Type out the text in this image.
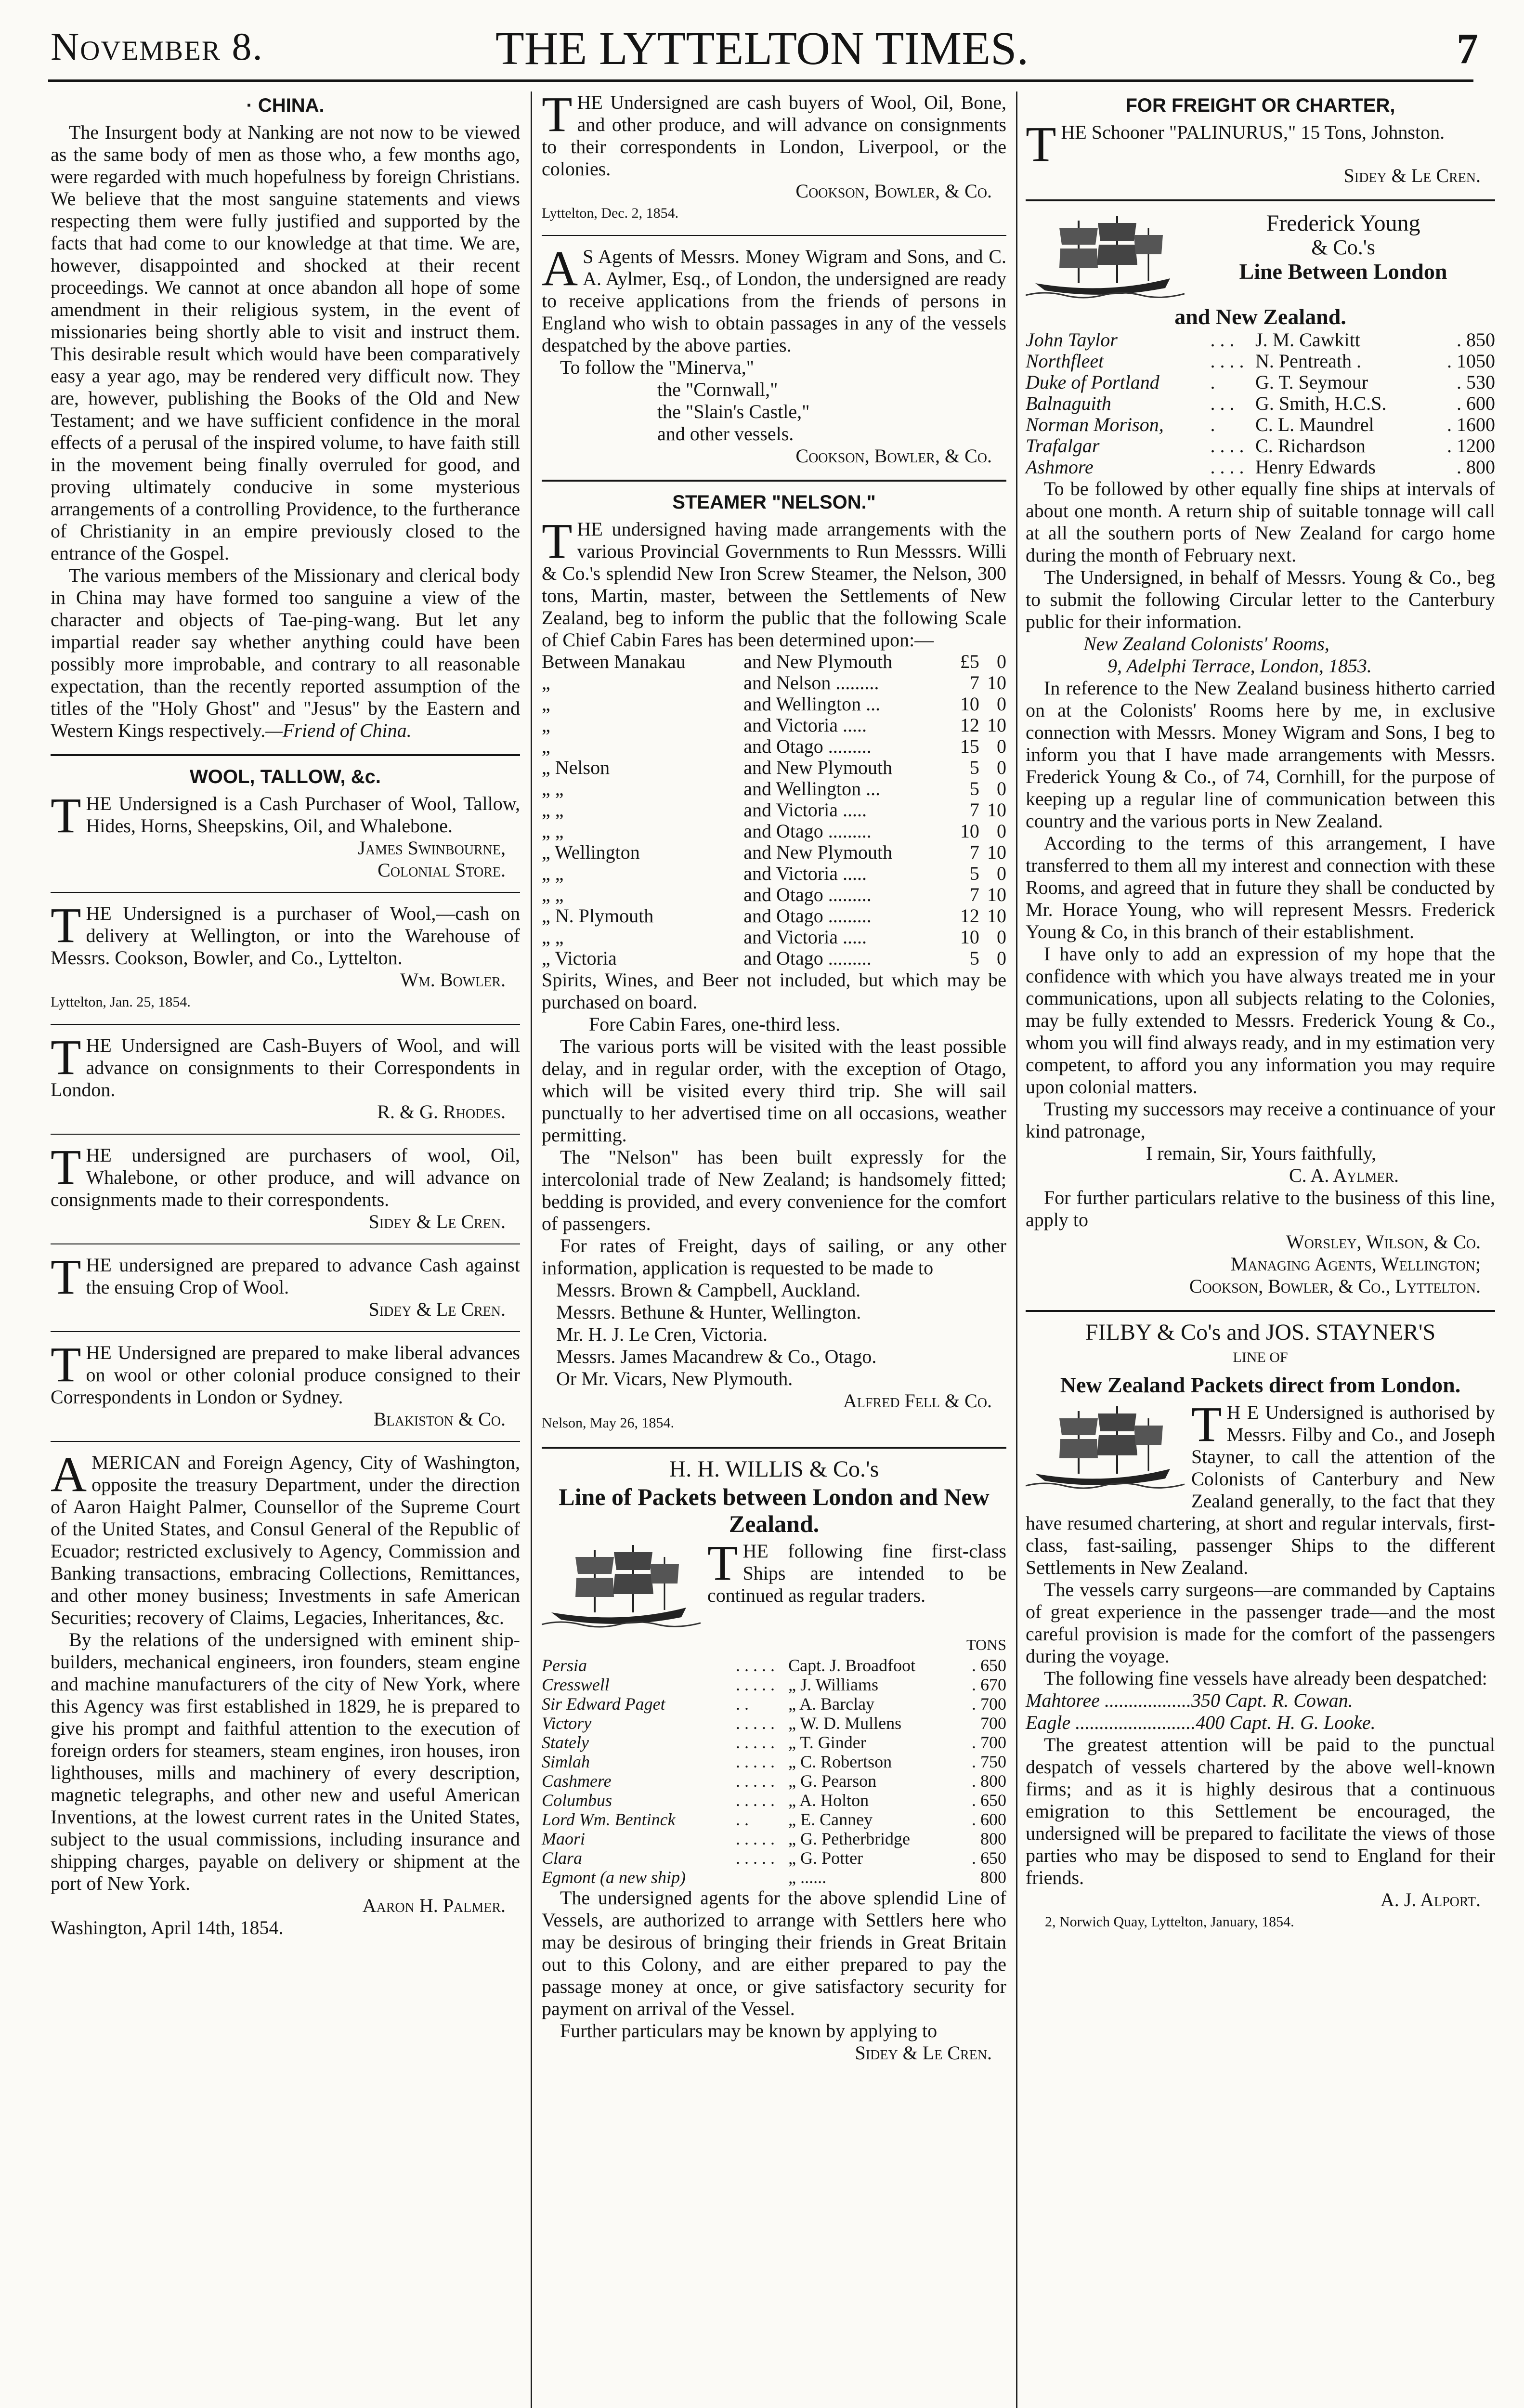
November 8.	THE LYTTELTON TIMES.	7
· CHINA.

The Insurgent body at Nanking are not now to be viewed as the same body of men as those who, a few months ago, were regarded with much hopefulness by foreign Christians. We believe that the most sanguine statements and views respecting them were fully justified and supported by the facts that had come to our knowledge at that time. We are, however, disappointed and shocked at their recent proceedings. We cannot at once abandon all hope of some amendment in their religious system, in the event of missionaries being shortly able to visit and instruct them. This desirable result which would have been comparatively easy a year ago, may be rendered very difficult now. They are, however, publishing the Books of the Old and New Testament; and we have sufficient confidence in the moral effects of a perusal of the inspired volume, to have faith still in the movement being finally overruled for good, and proving ultimately conducive in some mysterious arrangements of a controlling Providence, to the furtherance of Christianity in an empire previously closed to the entrance of the Gospel.

The various members of the Missionary and clerical body in China may have formed too sanguine a view of the character and objects of Tae-ping-wang. But let any impartial reader say whether anything could have been possibly more improbable, and contrary to all reasonable expectation, than the recently reported assumption of the titles of the "Holy Ghost" and "Jesus" by the Eastern and Western Kings respectively.—Friend of China.

WOOL, TALLOW, &c.
T HE Undersigned is a Cash Purchaser of Wool, Tallow, Hides, Horns, Sheepskins, Oil, and Whalebone.

James Swinbourne,

Colonial Store.

T HE Undersigned is a purchaser of Wool,—cash on delivery at Wellington, or into the Warehouse of Messrs. Cookson, Bowler, and Co., Lyttelton.

Wm. Bowler.

Lyttelton, Jan. 25, 1854.

T HE Undersigned are Cash-Buyers of Wool, and will advance on consignments to their Correspondents in London.

R. & G. Rhodes.

T HE undersigned are purchasers of wool, Oil, Whalebone, or other produce, and will advance on consignments made to their correspondents.

Sidey & Le Cren.

T HE undersigned are prepared to advance Cash against the ensuing Crop of Wool.

Sidey & Le Cren.

T HE Undersigned are prepared to make liberal advances on wool or other colonial produce consigned to their Correspondents in London or Sydney.

Blakiston & Co.

A MERICAN and Foreign Agency, City of Washington, opposite the treasury Department, under the direction of Aaron Haight Palmer, Counsellor of the Supreme Court of the United States, and Consul General of the Republic of Ecuador; restricted exclusively to Agency, Commission and Banking transactions, embracing Collections, Remittances, and other money business; Investments in safe American Securities; recovery of Claims, Legacies, Inheritances, &c.

By the relations of the undersigned with eminent ship-builders, mechanical engineers, iron founders, steam engine and machine manufacturers of the city of New York, where this Agency was first established in 1829, he is prepared to give his prompt and faithful attention to the execution of foreign orders for steamers, steam engines, iron houses, iron lighthouses, mills and machinery of every description, magnetic telegraphs, and other new and useful American Inventions, at the lowest current rates in the United States, subject to the usual commissions, including insurance and shipping charges, payable on delivery or shipment at the port of New York.

Aaron H. Palmer.

Washington, April 14th, 1854.

T HE Undersigned are cash buyers of Wool, Oil, Bone, and other produce, and will advance on consignments to their correspondents in London, Liverpool, or the colonies.

Cookson, Bowler, & Co.

Lyttelton, Dec. 2, 1854.

A S Agents of Messrs. Money Wigram and Sons, and C. A. Aylmer, Esq., of London, the undersigned are ready to receive applications from the friends of persons in England who wish to obtain passages in any of the vessels despatched by the above parties.

To follow the "Minerva,"

the "Cornwall,"

the "Slain's Castle,"

and other vessels.

Cookson, Bowler, & Co.

STEAMER "NELSON."
T HE undersigned having made arrangements with the various Provincial Governments to Run Messsrs. Willi & Co.'s splendid New Iron Screw Steamer, the Nelson, 300 tons, Martin, master, between the Settlements of New Zealand, beg to inform the public that the following Scale of Chief Cabin Fares has been determined upon:—

Between Manakau	and New Plymouth	£5	0
„	and Nelson .........	7	10
„	and Wellington ...	10	0
„	and Victoria .....	12	10
„	and Otago .........	15	0
„ Nelson	and New Plymouth	5	0
„ „	and Wellington ...	5	0
„ „	and Victoria .....	7	10
„ „	and Otago .........	10	0
„ Wellington	and New Plymouth	7	10
„ „	and Victoria .....	5	0
„ „	and Otago .........	7	10
„ N. Plymouth	and Otago .........	12	10
„ „	and Victoria .....	10	0
„ Victoria	and Otago .........	5	0

Spirits, Wines, and Beer not included, but which may be purchased on board.

Fore Cabin Fares, one-third less.

The various ports will be visited with the least possible delay, and in regular order, with the exception of Otago, which will be visited every third trip. She will sail punctually to her advertised time on all occasions, weather permitting.

The "Nelson" has been built expressly for the intercolonial trade of New Zealand; is handsomely fitted; bedding is provided, and every convenience for the comfort of passengers.

For rates of Freight, days of sailing, or any other information, application is requested to be made to

Messrs. Brown & Campbell, Auckland.
Messrs. Bethune & Hunter, Wellington.
Mr. H. J. Le Cren, Victoria.
Messrs. James Macandrew & Co., Otago.
Or Mr. Vicars, New Plymouth.

Alfred Fell & Co.

Nelson, May 26, 1854.

H. H. WILLIS & Co.'s
Line of Packets between London and New Zealand.
T HE following fine first-class Ships are intended to be continued as regular traders.

TONS
Persia	. . . . .	Capt. J. Broadfoot	. 650
Cresswell	. . . . .	„ J. Williams	. 670
Sir Edward Paget	. .	„ A. Barclay	. 700
Victory	. . . . .	„ W. D. Mullens	700
Stately	. . . . .	„ T. Ginder	. 700
Simlah	. . . . .	„ C. Robertson	. 750
Cashmere	. . . . .	„ G. Pearson	. 800
Columbus	. . . . .	„ A. Holton	. 650
Lord Wm. Bentinck	. .	„ E. Canney	. 600
Maori	. . . . .	„ G. Petherbridge	800
Clara	. . . . .	„ G. Potter	. 650
Egmont (a new ship)		„ ......	800

The undersigned agents for the above splendid Line of Vessels, are authorized to arrange with Settlers here who may be desirous of bringing their friends in Great Britain out to this Colony, and are either prepared to pay the passage money at once, or give satisfactory security for payment on arrival of the Vessel.

Further particulars may be known by applying to

Sidey & Le Cren.

FOR FREIGHT OR CHARTER,
T HE Schooner "PALINURUS," 15 Tons, Johnston.

Sidey & Le Cren.

Frederick Young
& Co.'s
Line Between London
and New Zealand.
John Taylor	. . .	J. M. Cawkitt	. 850
Northfleet	. . . .	N. Pentreath .	. 1050
Duke of Portland	.	G. T. Seymour	. 530
Balnaguith	. . .	G. Smith, H.C.S.	. 600
Norman Morison,	.	C. L. Maundrel	. 1600
Trafalgar	. . . .	C. Richardson	. 1200
Ashmore	. . . .	Henry Edwards	. 800

To be followed by other equally fine ships at intervals of about one month. A return ship of suitable tonnage will call at all the southern ports of New Zealand for cargo home during the month of February next.

The Undersigned, in behalf of Messrs. Young & Co., beg to submit the following Circular letter to the Canterbury public for their information.

New Zealand Colonists' Rooms,

9, Adelphi Terrace, London, 1853.

In reference to the New Zealand business hitherto carried on at the Colonists' Rooms here by me, in exclusive connection with Messrs. Money Wigram and Sons, I beg to inform you that I have made arrangements with Messrs. Frederick Young & Co., of 74, Cornhill, for the purpose of keeping up a regular line of communication between this country and the various ports in New Zealand.

According to the terms of this arrangement, I have transferred to them all my interest and connection with these Rooms, and agreed that in future they shall be conducted by Mr. Horace Young, who will represent Messrs. Frederick Young & Co, in this branch of their establishment.

I have only to add an expression of my hope that the confidence with which you have always treated me in your communications, upon all subjects relating to the Colonies, may be fully extended to Messrs. Frederick Young & Co., whom you will find always ready, and in my estimation very competent, to afford you any information you may require upon colonial matters.

Trusting my successors may receive a continuance of your kind patronage,

I remain, Sir, Yours faithfully,

C. A. Aylmer.

For further particulars relative to the business of this line, apply to

Worsley, Wilson, & Co.

Managing Agents, Wellington;

Cookson, Bowler, & Co., Lyttelton.

FILBY & Co's and JOS. STAYNER'S
LINE OF
New Zealand Packets direct from London.
T H E Undersigned is authorised by Messrs. Filby and Co., and Joseph Stayner, to call the attention of the Colonists of Canterbury and New Zealand generally, to the fact that they have resumed chartering, at short and regular intervals, first-class, fast-sailing, passenger Ships to the different Settlements in New Zealand.

The vessels carry surgeons—are commanded by Captains of great experience in the passenger trade—and the most careful provision is made for the comfort of the passengers during the voyage.

The following fine vessels have already been despatched:

Mahtoree ..................350 Capt. R. Cowan.

Eagle .........................400 Capt. H. G. Looke.

The greatest attention will be paid to the punctual despatch of vessels chartered by the above well-known firms; and as it is highly desirous that a continuous emigration to this Settlement be encouraged, the undersigned will be prepared to facilitate the views of those parties who may be disposed to send to England for their friends.

A. J. Alport.

2, Norwich Quay, Lyttelton, January, 1854.
